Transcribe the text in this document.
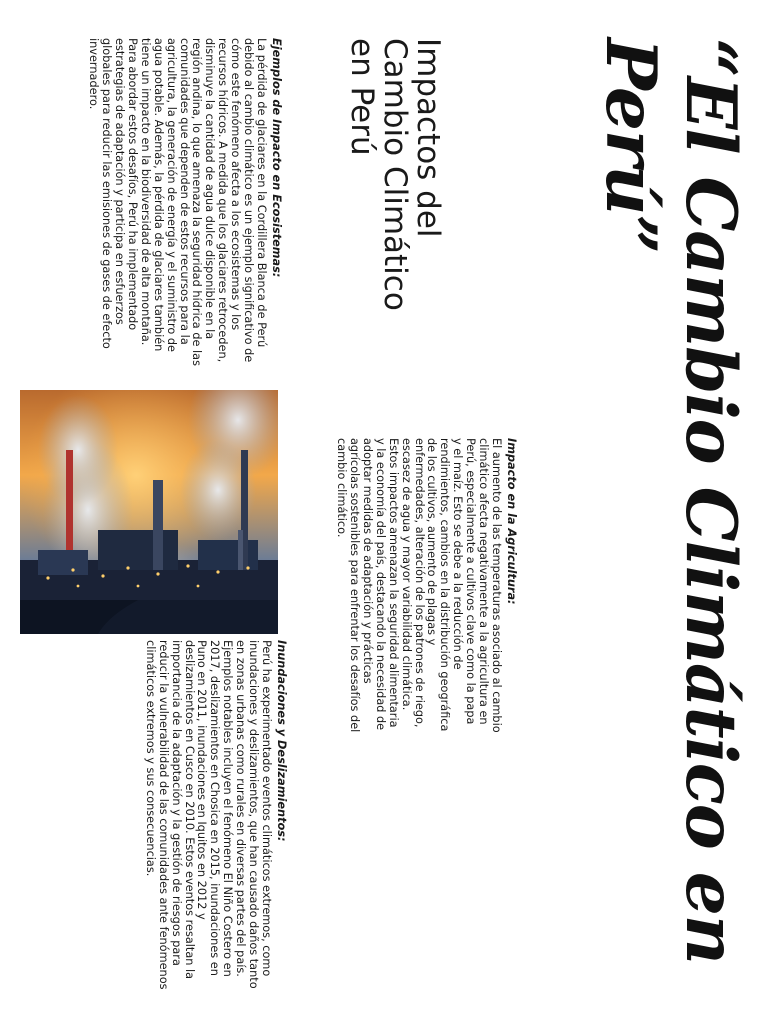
“El Cambio Climático en Perú”
Impactos del Cambio Climático en Perú
Impacto en la Agricultura:

El aumento de las temperaturas asociado al cambio climático afecta negativamente a la agricultura en Perú, especialmente a cultivos clave como la papa y el maíz. Esto se debe a la reducción de rendimientos, cambios en la distribución geográfica de los cultivos, aumento de plagas y enfermedades, alteración de los patrones de riego, escasez de agua y mayor variabilidad climática. Estos impactos amenazan la seguridad alimentaria y la economía del país, destacando la necesidad de adoptar medidas de adaptación y prácticas agrícolas sostenibles para enfrentar los desafíos del cambio climático.

Inundaciones y Deslizamientos:

Perú ha experimentado eventos climáticos extremos, como inundaciones y deslizamientos, que han causado daños tanto en zonas urbanas como rurales en diversas partes del país. Ejemplos notables incluyen el fenómeno El Niño Costero en 2017, deslizamientos en Chosica en 2015, inundaciones en Puno en 2011, inundaciones en Iquitos en 2012 y deslizamientos en Cusco en 2010. Estos eventos resaltan la importancia de la adaptación y la gestión de riesgos para reducir la vulnerabilidad de las comunidades ante fenómenos climáticos extremos y sus consecuencias.

Ejemplos de Impacto en Ecosistemas:

La pérdida de glaciares en la Cordillera Blanca de Perú debido al cambio climático es un ejemplo significativo de cómo este fenómeno afecta a los ecosistemas y los recursos hídricos. A medida que los glaciares retroceden, disminuye la cantidad de agua dulce disponible en la región andina, lo que amenaza la seguridad hídrica de las comunidades que dependen de estos recursos para la agricultura, la generación de energía y el suministro de agua potable. Además, la pérdida de glaciares también tiene un impacto en la biodiversidad de alta montaña. Para abordar estos desafíos, Perú ha implementado estrategias de adaptación y participa en esfuerzos globales para reducir las emisiones de gases de efecto invernadero.
